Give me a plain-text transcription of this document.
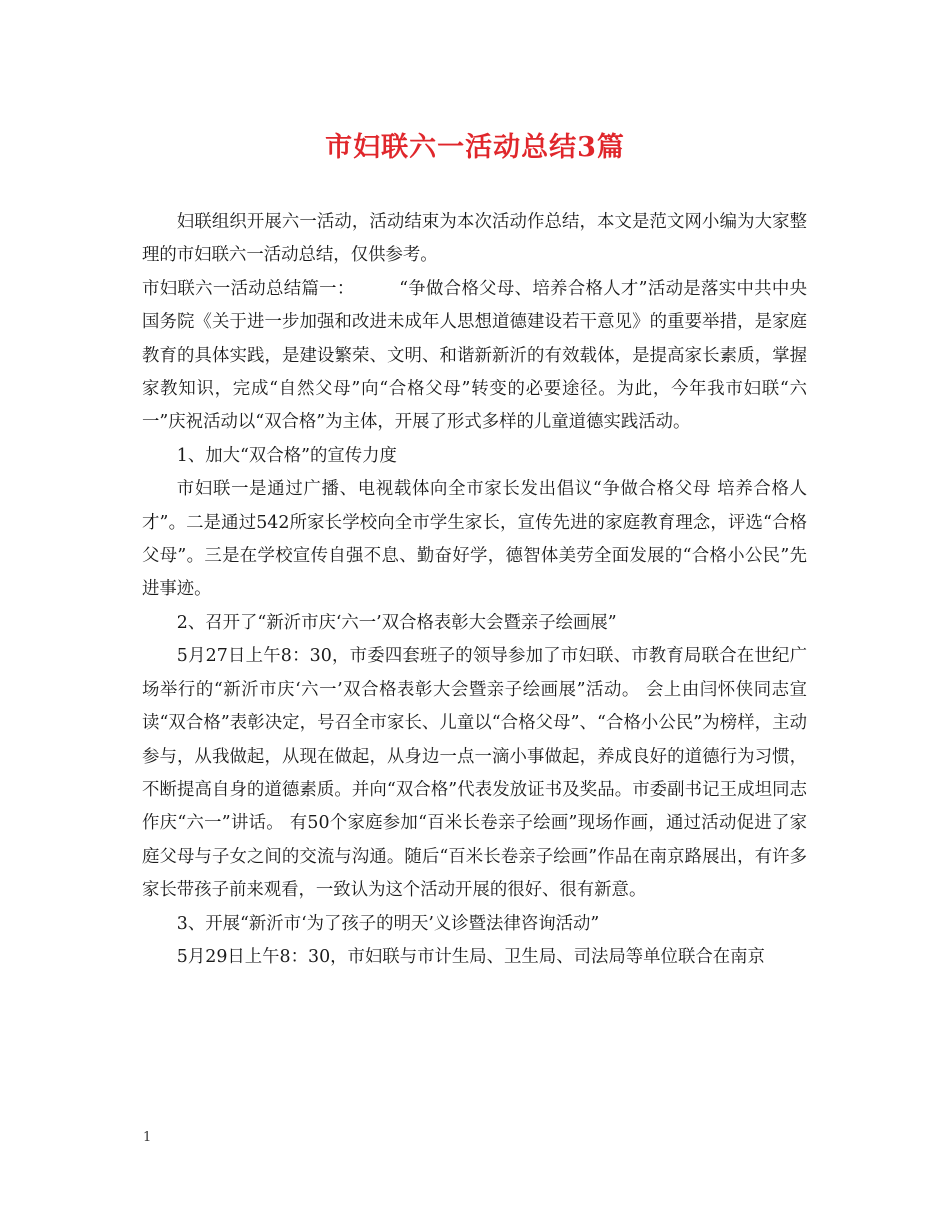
市妇联六一活动总结3篇

妇联组织开展六一活动，活动结束为本次活动作总结，本文是范文网小编为大家整理的市妇联六一活动总结，仅供参考。

市妇联六一活动总结篇一：　　　“争做合格父母、培养合格人才”活动是落实中共中央国务院《关于进一步加强和改进未成年人思想道德建设若干意见》的重要举措，是家庭教育的具体实践，是建设繁荣、文明、和谐新新沂的有效载体，是提高家长素质，掌握家教知识，完成“自然父母”向“合格父母”转变的必要途径。为此，今年我市妇联“六一”庆祝活动以“双合格”为主体，开展了形式多样的儿童道德实践活动。

1、加大“双合格”的宣传力度

市妇联一是通过广播、电视载体向全市家长发出倡议“争做合格父母 培养合格人才”。二是通过542所家长学校向全市学生家长，宣传先进的家庭教育理念，评选“合格父母”。三是在学校宣传自强不息、勤奋好学，德智体美劳全面发展的“合格小公民”先进事迹。

2、召开了“新沂市庆‘六一’双合格表彰大会暨亲子绘画展”

5月27日上午8：30，市委四套班子的领导参加了市妇联、市教育局联合在世纪广场举行的“新沂市庆‘六一’双合格表彰大会暨亲子绘画展”活动。 会上由闫怀侠同志宣读“双合格”表彰决定，号召全市家长、儿童以“合格父母”、“合格小公民”为榜样，主动参与，从我做起，从现在做起，从身边一点一滴小事做起，养成良好的道德行为习惯，不断提高自身的道德素质。并向“双合格”代表发放证书及奖品。市委副书记王成坦同志作庆“六一”讲话。 有50个家庭参加“百米长卷亲子绘画”现场作画，通过活动促进了家庭父母与子女之间的交流与沟通。随后“百米长卷亲子绘画”作品在南京路展出，有许多家长带孩子前来观看，一致认为这个活动开展的很好、很有新意。

3、开展“新沂市‘为了孩子的明天’义诊暨法律咨询活动”

5月29日上午8：30，市妇联与市计生局、卫生局、司法局等单位联合在南京

1
